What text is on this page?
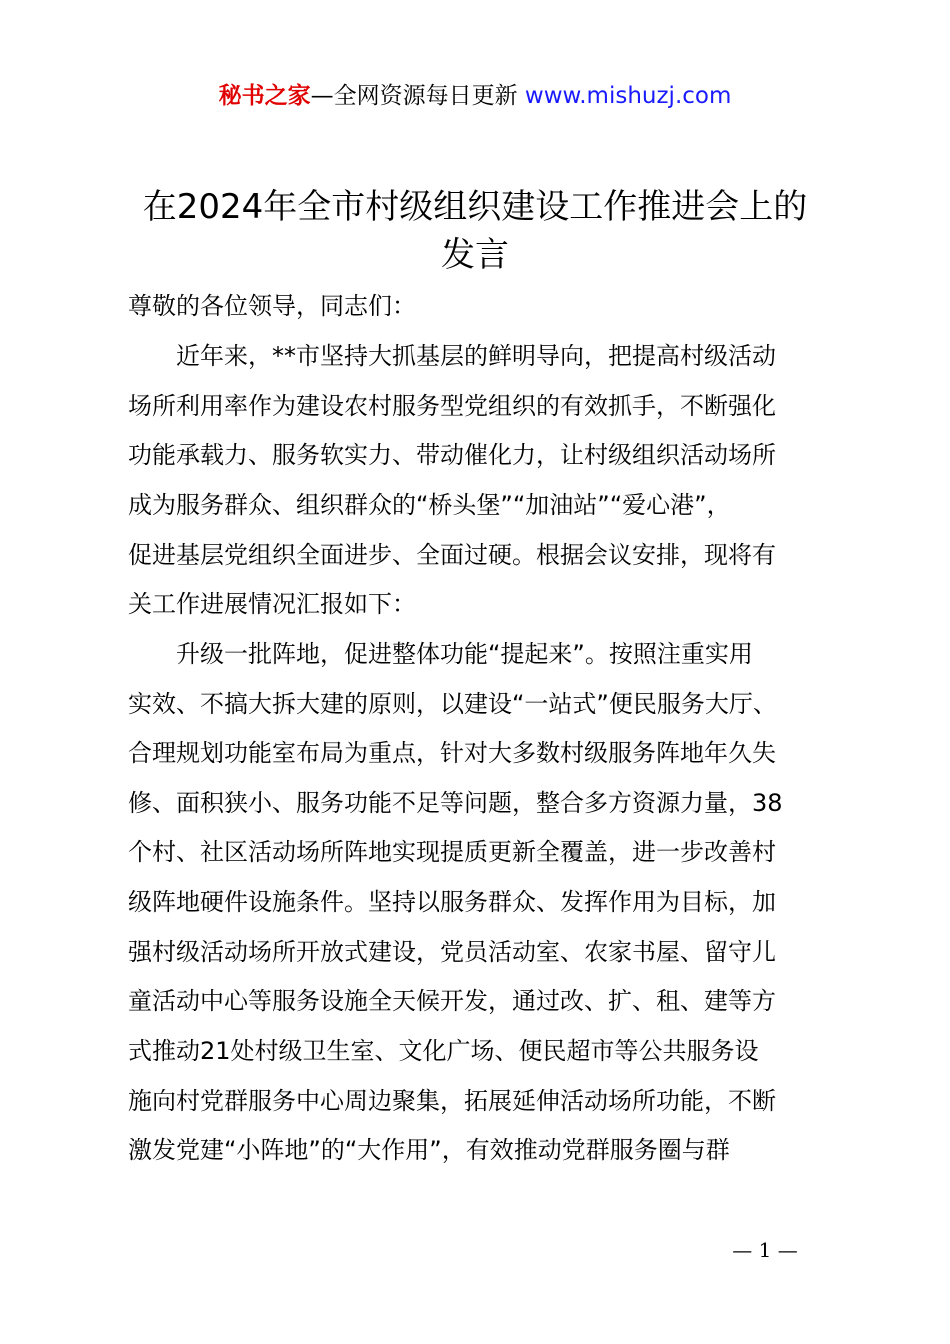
秘书之家—全网资源每日更新 www.mishuzj.com
在2024年全市村级组织建设工作推进会上的
发言
尊敬的各位领导，同志们：
近年来，**市坚持大抓基层的鲜明导向，把提高村级活动
场所利用率作为建设农村服务型党组织的有效抓手，不断强化
功能承载力、服务软实力、带动催化力，让村级组织活动场所
成为服务群众、组织群众的“桥头堡”“加油站”“爱心港”，
促进基层党组织全面进步、全面过硬。根据会议安排，现将有
关工作进展情况汇报如下：
升级一批阵地，促进整体功能“提起来”。按照注重实用
实效、不搞大拆大建的原则，以建设“一站式”便民服务大厅、
合理规划功能室布局为重点，针对大多数村级服务阵地年久失
修、面积狭小、服务功能不足等问题，整合多方资源力量，38
个村、社区活动场所阵地实现提质更新全覆盖，进一步改善村
级阵地硬件设施条件。坚持以服务群众、发挥作用为目标，加
强村级活动场所开放式建设，党员活动室、农家书屋、留守儿
童活动中心等服务设施全天候开发，通过改、扩、租、建等方
式推动21处村级卫生室、文化广场、便民超市等公共服务设
施向村党群服务中心周边聚集，拓展延伸活动场所功能，不断
激发党建“小阵地”的“大作用”，有效推动党群服务圈与群
— 1 —
